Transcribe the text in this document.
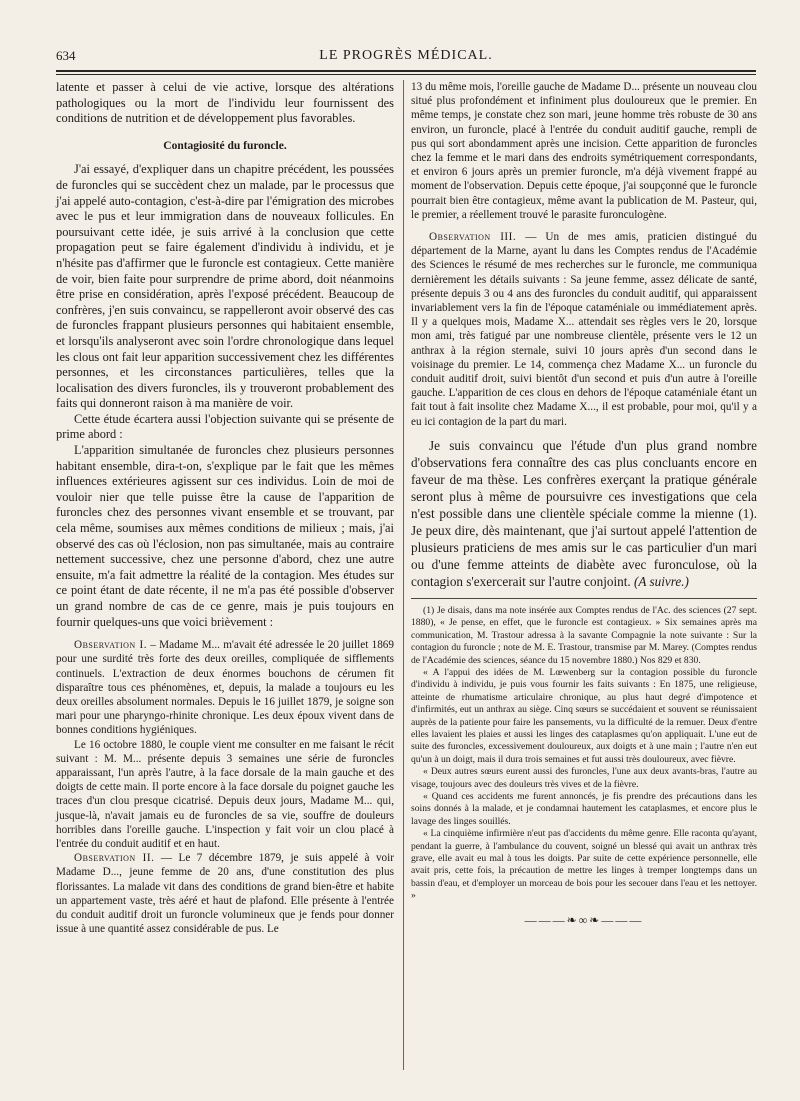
634	LE PROGRÈS MÉDICAL.

latente et passer à celui de vie active, lorsque des altérations pathologiques ou la mort de l'individu leur fournissent des conditions de nutrition et de développement plus favorables.

Contagiosité du furoncle.

J'ai essayé, d'expliquer dans un chapitre précédent, les poussées de furoncles qui se succèdent chez un malade, par le processus que j'ai appelé auto-contagion, c'est-à-dire par l'émigration des microbes avec le pus et leur immigration dans de nouveaux follicules. En poursuivant cette idée, je suis arrivé à la conclusion que cette propagation peut se faire également d'individu à individu, et je n'hésite pas d'affirmer que le furoncle est contagieux. Cette manière de voir, bien faite pour surprendre de prime abord, doit néanmoins être prise en considération, après l'exposé précédent. Beaucoup de confrères, j'en suis convaincu, se rappelleront avoir observé des cas de furoncles frappant plusieurs personnes qui habitaient ensemble, et lorsqu'ils analyseront avec soin l'ordre chronologique dans lequel les clous ont fait leur apparition successivement chez les différentes personnes, et les circonstances particulières, telles que la localisation des divers furoncles, ils y trouveront probablement des faits qui donneront raison à ma manière de voir.

Cette étude écartera aussi l'objection suivante qui se présente de prime abord :

L'apparition simultanée de furoncles chez plusieurs personnes habitant ensemble, dira-t-on, s'explique par le fait que les mêmes influences extérieures agissent sur ces individus. Loin de moi de vouloir nier que telle puisse être la cause de l'apparition de furoncles chez des personnes vivant ensemble et se trouvant, par cela même, soumises aux mêmes conditions de milieux ; mais, j'ai observé des cas où l'éclosion, non pas simultanée, mais au contraire nettement successive, chez une personne d'abord, chez une autre ensuite, m'a fait admettre la réalité de la contagion. Mes études sur ce point étant de date récente, il ne m'a pas été possible d'observer un grand nombre de cas de ce genre, mais je puis toujours en fournir quelques-uns que voici brièvement :

Observation I. – Madame M... m'avait été adressée le 20 juillet 1869 pour une surdité très forte des deux oreilles, compliquée de sifflements continuels. L'extraction de deux énormes bouchons de cérumen fit disparaître tous ces phénomènes, et, depuis, la malade a toujours eu les deux oreilles absolument normales. Depuis le 16 juillet 1879, je soigne son mari pour une pharyngo-rhinite chronique. Les deux époux vivent dans de bonnes conditions hygiéniques.

Le 16 octobre 1880, le couple vient me consulter en me faisant le récit suivant : M. M... présente depuis 3 semaines une série de furoncles apparaissant, l'un après l'autre, à la face dorsale de la main gauche et des doigts de cette main. Il porte encore à la face dorsale du poignet gauche les traces d'un clou presque cicatrisé. Depuis deux jours, Madame M... qui, jusque-là, n'avait jamais eu de furoncles de sa vie, souffre de douleurs horribles dans l'oreille gauche. L'inspection y fait voir un clou placé à l'entrée du conduit auditif et en haut.

Observation II. — Le 7 décembre 1879, je suis appelé à voir Madame D..., jeune femme de 20 ans, d'une constitution des plus florissantes. La malade vit dans des conditions de grand bien-être et habite un appartement vaste, très aéré et haut de plafond. Elle présente à l'entrée du conduit auditif droit un furoncle volumineux que je fends pour donner issue à une quantité assez considérable de pus. Le

13 du même mois, l'oreille gauche de Madame D... présente un nouveau clou situé plus profondément et infiniment plus douloureux que le premier. En même temps, je constate chez son mari, jeune homme très robuste de 30 ans environ, un furoncle, placé à l'entrée du conduit auditif gauche, rempli de pus qui sort abondamment après une incision. Cette apparition de furoncles chez la femme et le mari dans des endroits symétriquement correspondants, et environ 6 jours après un premier furoncle, m'a déjà vivement frappé au moment de l'observation. Depuis cette époque, j'ai soupçonné que le furoncle pourrait bien être contagieux, même avant la publication de M. Pasteur, qui, le premier, a réellement trouvé le parasite furonculogène.

Observation III. — Un de mes amis, praticien distingué du département de la Marne, ayant lu dans les Comptes rendus de l'Académie des Sciences le résumé de mes recherches sur le furoncle, me communiqua dernièrement les détails suivants : Sa jeune femme, assez délicate de santé, présente depuis 3 ou 4 ans des furoncles du conduit auditif, qui apparaissent invariablement vers la fin de l'époque cataméniale ou immédiatement après. Il y a quelques mois, Madame X... attendait ses règles vers le 20, lorsque mon ami, très fatigué par une nombreuse clientèle, présente vers le 12 un anthrax à la région sternale, suivi 10 jours après d'un second dans le voisinage du premier. Le 14, commença chez Madame X... un furoncle du conduit auditif droit, suivi bientôt d'un second et puis d'un autre à l'oreille gauche. L'apparition de ces clous en dehors de l'époque cataméniale étant un fait tout à fait insolite chez Madame X..., il est probable, pour moi, qu'il y a eu ici contagion de la part du mari.

Je suis convaincu que l'étude d'un plus grand nombre d'observations fera connaître des cas plus concluants encore en faveur de ma thèse. Les confrères exerçant la pratique générale seront plus à même de poursuivre ces investigations que cela n'est possible dans une clientèle spéciale comme la mienne (1). Je peux dire, dès maintenant, que j'ai surtout appelé l'attention de plusieurs praticiens de mes amis sur le cas particulier d'un mari ou d'une femme atteints de diabète avec furonculose, où la contagion s'exercerait sur l'autre conjoint. (A suivre.)

(1) Je disais, dans ma note insérée aux Comptes rendus de l'Ac. des sciences (27 sept. 1880), « Je pense, en effet, que le furoncle est contagieux. » Six semaines après ma communication, M. Trastour adressa à la savante Compagnie la note suivante : Sur la contagion du furoncle ; note de M. E. Trastour, transmise par M. Marey. (Comptes rendus de l'Académie des sciences, séance du 15 novembre 1880.) Nos 829 et 830.

« A l'appui des idées de M. Lœwenberg sur la contagion possible du furoncle d'individu à individu, je puis vous fournir les faits suivants : En 1875, une religieuse, atteinte de rhumatisme articulaire chronique, au plus haut degré d'impotence et d'infirmités, eut un anthrax au siège. Cinq sœurs se succédaient et souvent se réunissaient auprès de la patiente pour faire les pansements, vu la difficulté de la remuer. Deux d'entre elles lavaient les plaies et aussi les linges des cataplasmes qu'on appliquait. L'une eut de suite des furoncles, excessivement douloureux, aux doigts et à une main ; l'autre n'en eut qu'un à un doigt, mais il dura trois semaines et fut aussi très douloureux, avec fièvre.

« Deux autres sœurs eurent aussi des furoncles, l'une aux deux avants-bras, l'autre au visage, toujours avec des douleurs très vives et de la fièvre.

« Quand ces accidents me furent annoncés, je fis prendre des précautions dans les soins donnés à la malade, et je condamnai hautement les cataplasmes, et encore plus le lavage des linges souillés.

« La cinquième infirmière n'eut pas d'accidents du même genre. Elle raconta qu'ayant, pendant la guerre, à l'ambulance du couvent, soigné un blessé qui avait un anthrax très grave, elle avait eu mal à tous les doigts. Par suite de cette expérience personnelle, elle avait pris, cette fois, la précaution de mettre les linges à tremper longtemps dans un bassin d'eau, et d'employer un morceau de bois pour les secouer dans l'eau et les nettoyer. »

———❧∞❧———
